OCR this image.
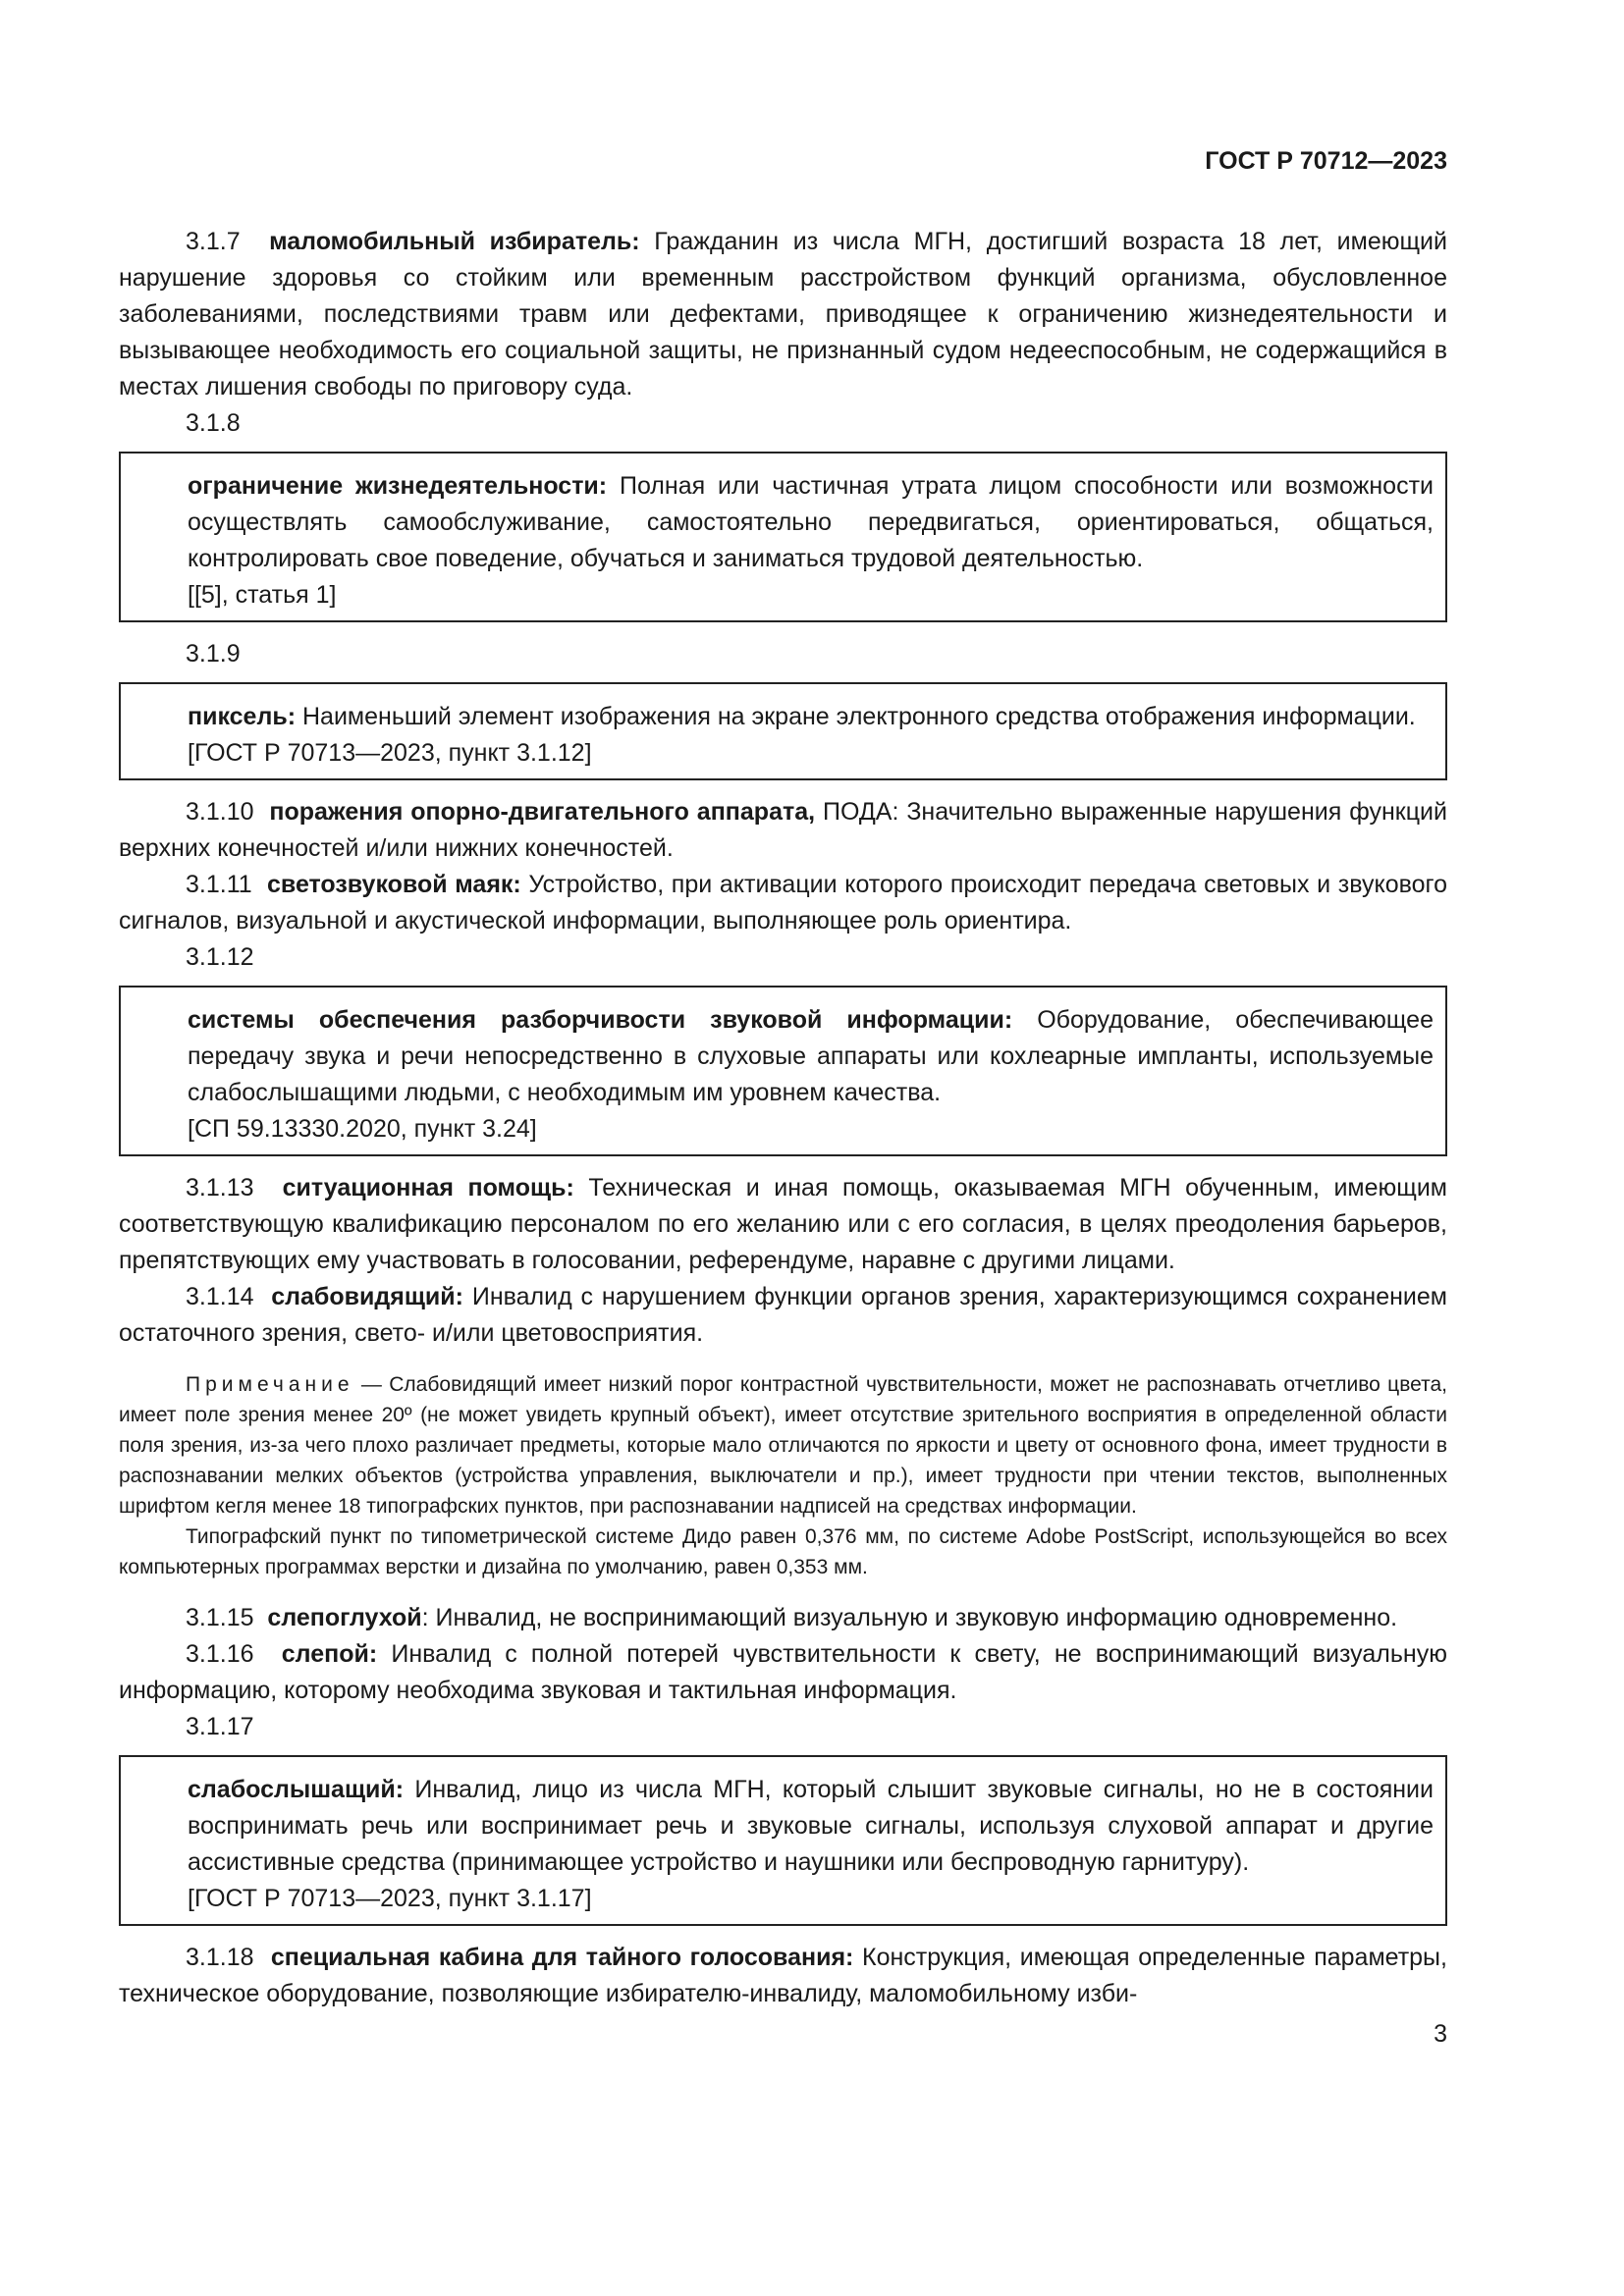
ГОСТ Р 70712—2023

3.1.7 маломобильный избиратель: Гражданин из числа МГН, достигший возраста 18 лет, имеющий нарушение здоровья со стойким или временным расстройством функций организма, обусловленное заболеваниями, последствиями травм или дефектами, приводящее к ограничению жизнедеятельности и вызывающее необходимость его социальной защиты, не признанный судом недееспособным, не содержащийся в местах лишения свободы по приговору суда.

3.1.8

ограничение жизнедеятельности: Полная или частичная утрата лицом способности или возможности осуществлять самообслуживание, самостоятельно передвигаться, ориентироваться, общаться, контролировать свое поведение, обучаться и заниматься трудовой деятельностью.

[[5], статья 1]
3.1.9

пиксель: Наименьший элемент изображения на экране электронного средства отображения информации.

[ГОСТ Р 70713—2023, пункт 3.1.12]

3.1.10 поражения опорно-двигательного аппарата, ПОДА: Значительно выраженные нарушения функций верхних конечностей и/или нижних конечностей.

3.1.11 светозвуковой маяк: Устройство, при активации которого происходит передача световых и звукового сигналов, визуальной и акустической информации, выполняющее роль ориентира.

3.1.12

системы обеспечения разборчивости звуковой информации: Оборудование, обеспечивающее передачу звука и речи непосредственно в слуховые аппараты или кохлеарные импланты, используемые слабослышащими людьми, с необходимым им уровнем качества.

[СП 59.13330.2020, пункт 3.24]

3.1.13 ситуационная помощь: Техническая и иная помощь, оказываемая МГН обученным, имеющим соответствующую квалификацию персоналом по его желанию или с его согласия, в целях преодоления барьеров, препятствующих ему участвовать в голосовании, референдуме, наравне с другими лицами.

3.1.14 слабовидящий: Инвалид с нарушением функции органов зрения, характеризующимся сохранением остаточного зрения, свето- и/или цветовосприятия.

Примечание — Слабовидящий имеет низкий порог контрастной чувствительности, может не распознавать отчетливо цвета, имеет поле зрения менее 20º (не может увидеть крупный объект), имеет отсутствие зрительного восприятия в определенной области поля зрения, из-за чего плохо различает предметы, которые мало отличаются по яркости и цвету от основного фона, имеет трудности в распознавании мелких объектов (устройства управления, выключатели и пр.), имеет трудности при чтении текстов, выполненных шрифтом кегля менее 18 типографских пунктов, при распознавании надписей на средствах информации.

Типографский пункт по типометрической системе Дидо равен 0,376 мм, по системе Adobe PostScript, использующейся во всех компьютерных программах верстки и дизайна по умолчанию, равен 0,353 мм.

3.1.15 слепоглухой: Инвалид, не воспринимающий визуальную и звуковую информацию одновременно.

3.1.16 слепой: Инвалид с полной потерей чувствительности к свету, не воспринимающий визуальную информацию, которому необходима звуковая и тактильная информация.

3.1.17

слабослышащий: Инвалид, лицо из числа МГН, который слышит звуковые сигналы, но не в состоянии воспринимать речь или воспринимает речь и звуковые сигналы, используя слуховой аппарат и другие ассистивные средства (принимающее устройство и наушники или беспроводную гарнитуру).

[ГОСТ Р 70713—2023, пункт 3.1.17]

3.1.18 специальная кабина для тайного голосования: Конструкция, имеющая определенные параметры, техническое оборудование, позволяющие избирателю-инвалиду, маломобильному изби-

3
